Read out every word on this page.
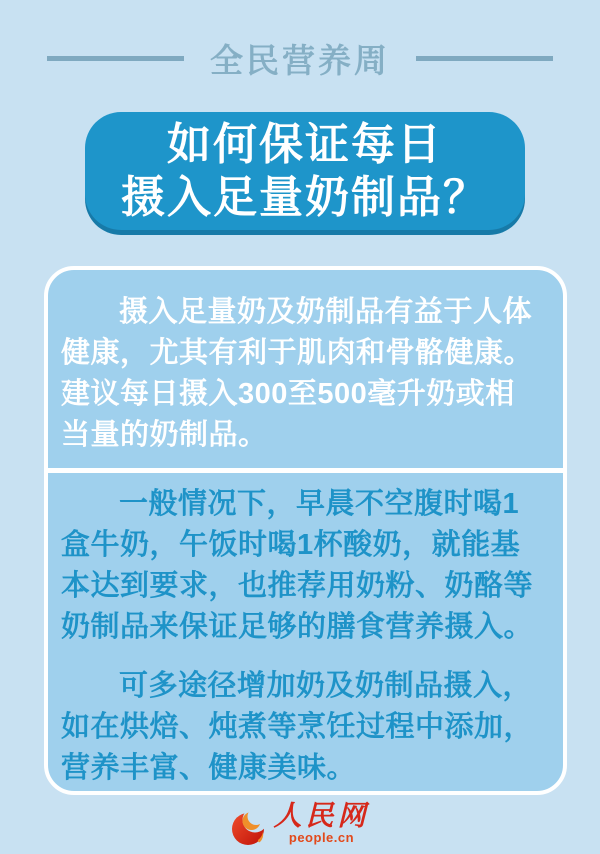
全民营养周
如何保证每日
摄入足量奶制品？

摄入足量奶及奶制品有益于人体
健康，尤其有利于肌肉和骨骼健康。
建议每日摄入300至500毫升奶或相
当量的奶制品。

一般情况下，早晨不空腹时喝1
盒牛奶，午饭时喝1杯酸奶，就能基
本达到要求，也推荐用奶粉、奶酪等
奶制品来保证足够的膳食营养摄入。

可多途径增加奶及奶制品摄入，
如在烘焙、炖煮等烹饪过程中添加，
营养丰富、健康美味。

人民网
people.cn
